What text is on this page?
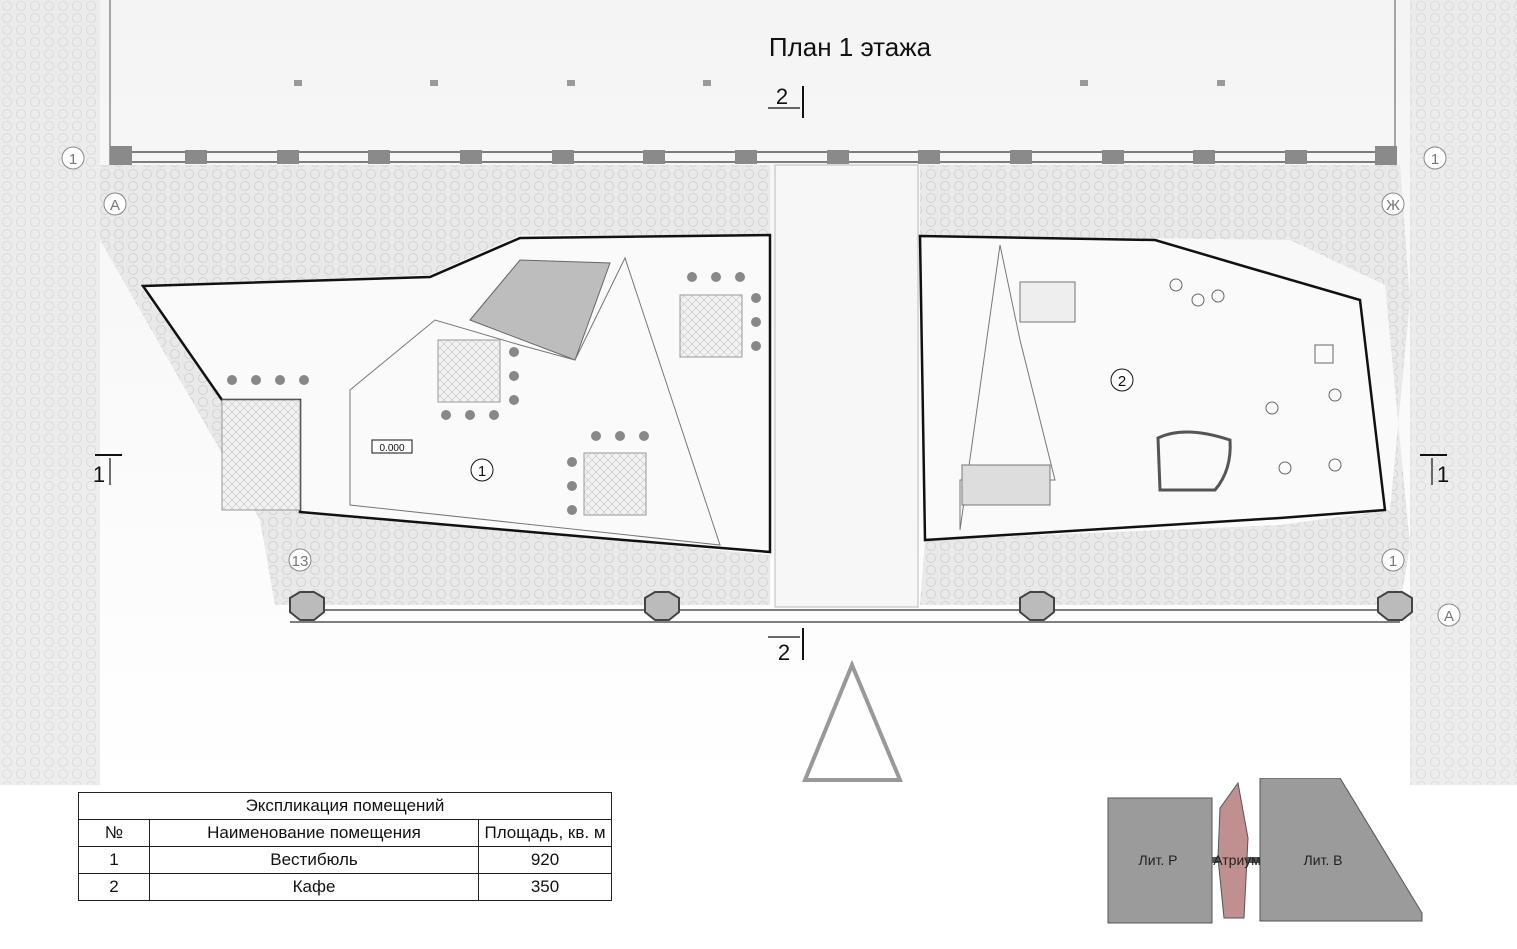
0.000
1	1
А	Ж
13	1
А
2
2
1	1
1
2
План 1 этажа
Экспликация помещений		
№	Наименование помещения	Площадь, кв. м
1	Вестибюль	920
2	Кафе	350
Лит. Р	Атриум	Лит. В
